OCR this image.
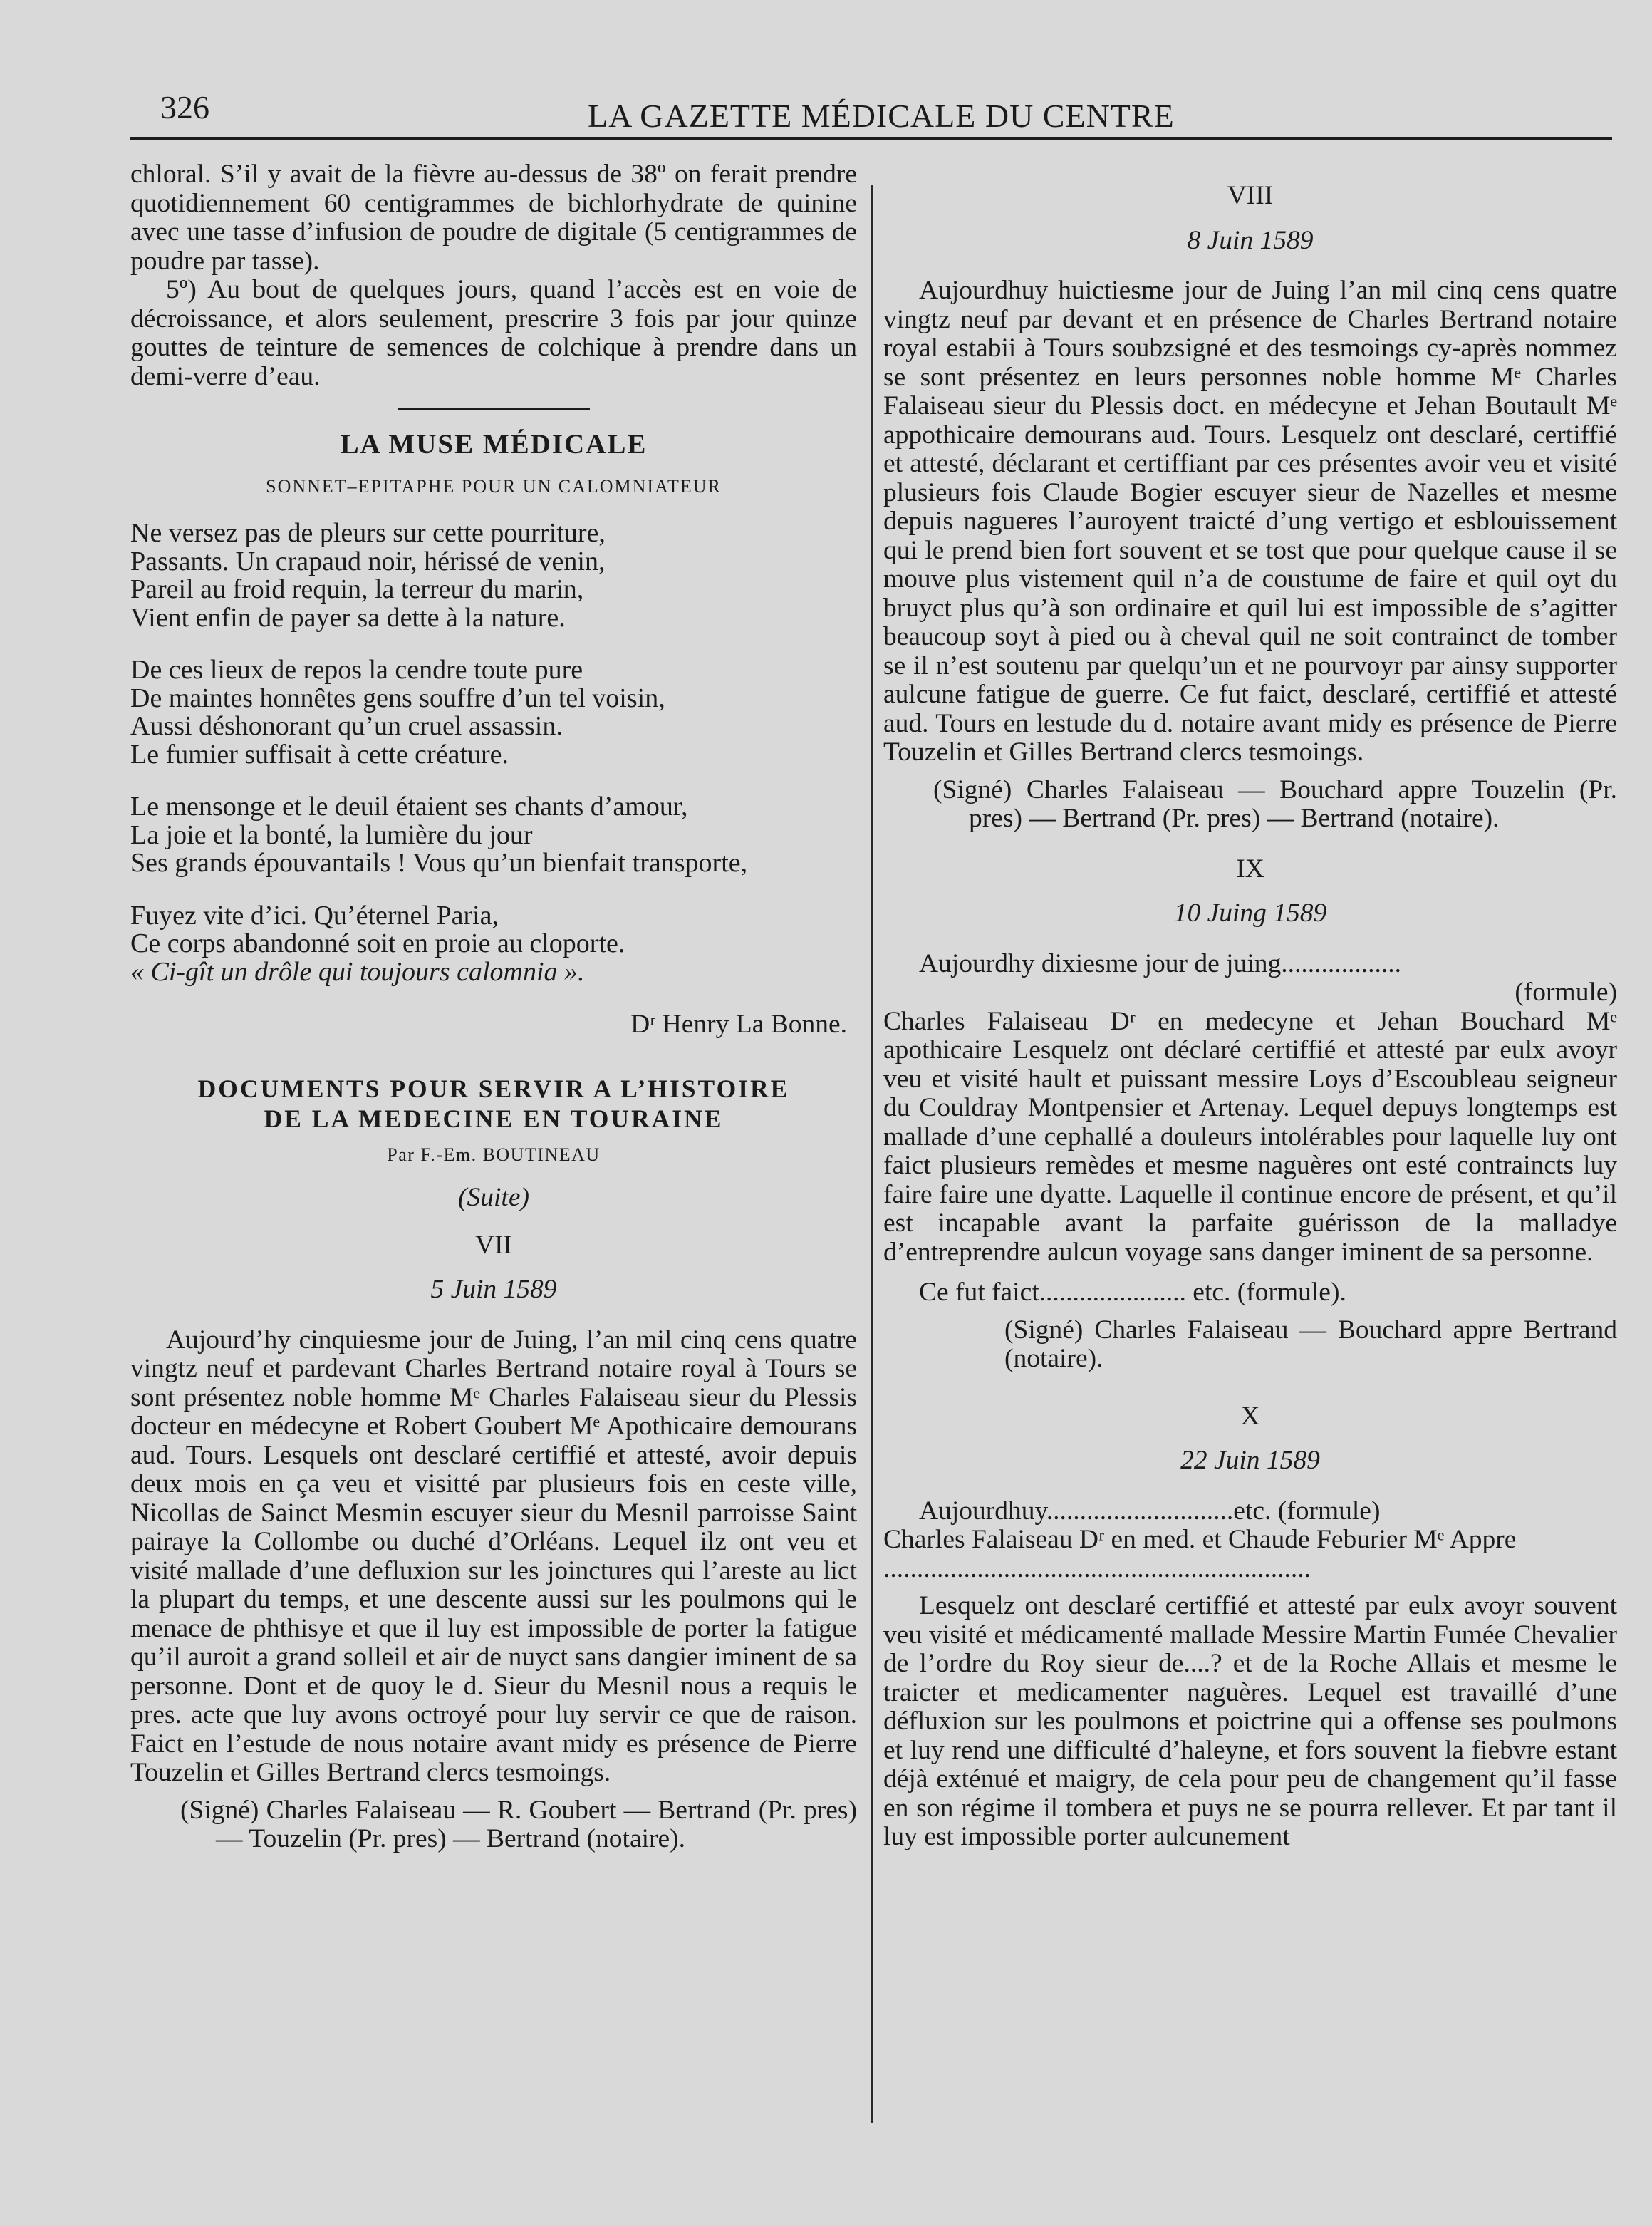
326	LA GAZETTE MÉDICALE DU CENTRE

chloral. S’il y avait de la fièvre au-dessus de 38º on ferait prendre quotidiennement 60 centigrammes de bichlorhydrate de quinine avec une tasse d’infusion de poudre de digitale (5 centigrammes de poudre par tasse).

5º) Au bout de quelques jours, quand l’accès est en voie de décroissance, et alors seulement, prescrire 3 fois par jour quinze gouttes de teinture de semences de colchique à prendre dans un demi-verre d’eau.

LA MUSE MÉDICALE
SONNET–EPITAPHE POUR UN CALOMNIATEUR
Ne versez pas de pleurs sur cette pourriture,
Passants. Un crapaud noir, hérissé de venin,
Pareil au froid requin, la terreur du marin,
Vient enfin de payer sa dette à la nature.
De ces lieux de repos la cendre toute pure
De maintes honnêtes gens souffre d’un tel voisin,
Aussi déshonorant qu’un cruel assassin.
Le fumier suffisait à cette créature.
Le mensonge et le deuil étaient ses chants d’amour,
La joie et la bonté, la lumière du jour
Ses grands épouvantails ! Vous qu’un bienfait transporte,
Fuyez vite d’ici. Qu’éternel Paria,
Ce corps abandonné soit en proie au cloporte.
« Ci-gît un drôle qui toujours calomnia ».
Dʳ Henry La Bonne.
DOCUMENTS POUR SERVIR A L’HISTOIRE
DE LA MEDECINE EN TOURAINE
Par F.-Em. BOUTINEAU
(Suite)
VII
5 Juin 1589

Aujourd’hy cinquiesme jour de Juing, l’an mil cinq cens quatre vingtz neuf et pardevant Charles Bertrand notaire royal à Tours se sont présentez noble homme Mᵉ Charles Falaiseau sieur du Plessis docteur en médecyne et Robert Goubert Mᵉ Apothicaire demourans aud. Tours. Lesquels ont desclaré certiffié et attesté, avoir depuis deux mois en ça veu et visitté par plusieurs fois en ceste ville, Nicollas de Sainct Mesmin escuyer sieur du Mesnil parroisse Saint pairaye la Collombe ou duché d’Orléans. Lequel ilz ont veu et visité mallade d’une defluxion sur les joinctures qui l’areste au lict la plupart du temps, et une descente aussi sur les poulmons qui le menace de phthisye et que il luy est impossible de porter la fatigue qu’il auroit a grand solleil et air de nuyct sans dangier iminent de sa personne. Dont et de quoy le d. Sieur du Mesnil nous a requis le pres. acte que luy avons octroyé pour luy servir ce que de raison. Faict en l’estude de nous notaire avant midy es présence de Pierre Touzelin et Gilles Bertrand clercs tesmoings.

(Signé) Charles Falaiseau — R. Goubert — Bertrand (Pr. pres) — Touzelin (Pr. pres) — Bertrand (notaire).

VIII
8 Juin 1589

Aujourdhuy huictiesme jour de Juing l’an mil cinq cens quatre vingtz neuf par devant et en présence de Charles Bertrand notaire royal estabii à Tours soubzsigné et des tesmoings cy-après nommez se sont présentez en leurs personnes noble homme Mᵉ Charles Falaiseau sieur du Plessis doct. en médecyne et Jehan Boutault Mᵉ appothicaire demourans aud. Tours. Lesquelz ont desclaré, certiffié et attesté, déclarant et certiffiant par ces présentes avoir veu et visité plusieurs fois Claude Bogier escuyer sieur de Nazelles et mesme depuis nagueres l’auroyent traicté d’ung vertigo et esblouissement qui le prend bien fort souvent et se tost que pour quelque cause il se mouve plus vistement quil n’a de coustume de faire et quil oyt du bruyct plus qu’à son ordinaire et quil lui est impossible de s’agitter beaucoup soyt à pied ou à cheval quil ne soit contrainct de tomber se il n’est soutenu par quelqu’un et ne pourvoyr par ainsy supporter aulcune fatigue de guerre. Ce fut faict, desclaré, certiffié et attesté aud. Tours en lestude du d. notaire avant midy es présence de Pierre Touzelin et Gilles Bertrand clercs tesmoings.

(Signé) Charles Falaiseau — Bouchard appre Touzelin (Pr. pres) — Bertrand (Pr. pres) — Bertrand (notaire).

IX
10 Juing 1589

Aujourdhy dixiesme jour de juing..................

(formule)

Charles Falaiseau Dʳ en medecyne et Jehan Bouchard Mᵉ apothicaire Lesquelz ont déclaré certiffié et attesté par eulx avoyr veu et visité hault et puissant messire Loys d’Escoubleau seigneur du Couldray Montpensier et Artenay. Lequel depuys longtemps est mallade d’une cephallé a douleurs intolérables pour laquelle luy ont faict plusieurs remèdes et mesme naguères ont esté contraincts luy faire faire une dyatte. Laquelle il continue encore de présent, et qu’il est incapable avant la parfaite guérisson de la malladye d’entreprendre aulcun voyage sans danger iminent de sa personne.

Ce fut faict...................... etc. (formule).

(Signé) Charles Falaiseau — Bouchard appre Bertrand (notaire).

X
22 Juin 1589

Aujourdhuy............................etc. (formule)

Charles Falaiseau Dʳ en med. et Chaude Feburier Mᵉ Appre

................................................................

Lesquelz ont desclaré certiffié et attesté par eulx avoyr souvent veu visité et médicamenté mallade Messire Martin Fumée Chevalier de l’ordre du Roy sieur de....? et de la Roche Allais et mesme le traicter et medicamenter naguères. Lequel est travaillé d’une défluxion sur les poulmons et poictrine qui a offense ses poulmons et luy rend une difficulté d’haleyne, et fors souvent la fiebvre estant déjà exténué et maigry, de cela pour peu de changement qu’il fasse en son régime il tombera et puys ne se pourra rellever. Et par tant il luy est impossible porter aulcunement
